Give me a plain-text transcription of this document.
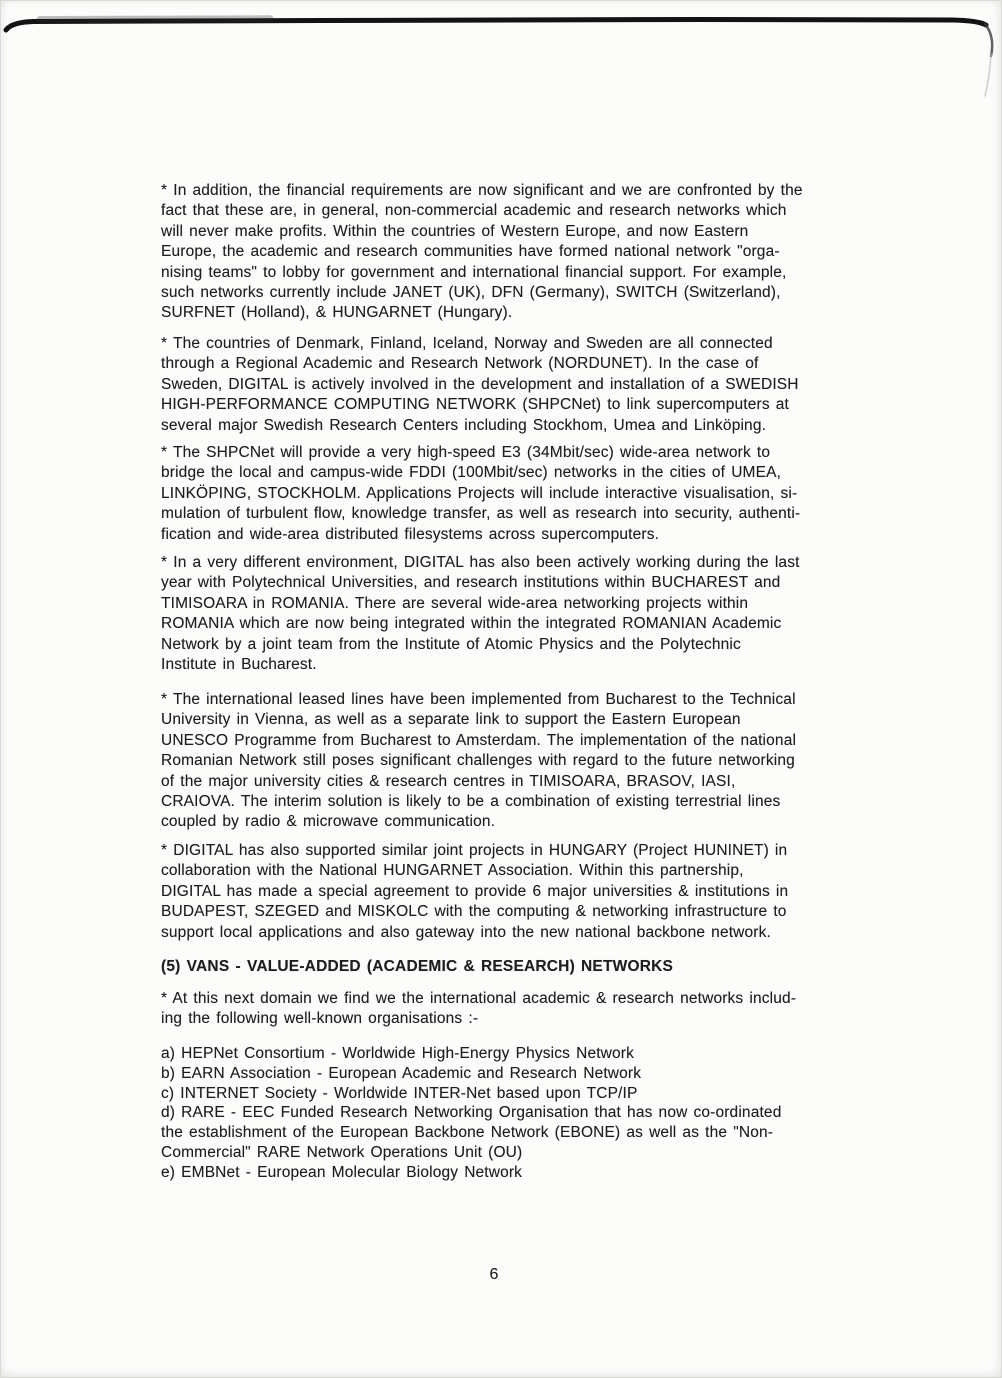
* In addition, the financial requirements are now significant and we are confronted by the
fact that these are, in general, non-commercial academic and research networks which
will never make profits. Within the countries of Western Europe, and now Eastern
Europe, the academic and research communities have formed national network "orga-
nising teams" to lobby for government and international financial support. For example,
such networks currently include JANET (UK), DFN (Germany), SWITCH (Switzerland),
SURFNET (Holland), & HUNGARNET (Hungary).
* The countries of Denmark, Finland, Iceland, Norway and Sweden are all connected
through a Regional Academic and Research Network (NORDUNET). In the case of
Sweden, DIGITAL is actively involved in the development and installation of a SWEDISH
HIGH-PERFORMANCE COMPUTING NETWORK (SHPCNet) to link supercomputers at
several major Swedish Research Centers including Stockhom, Umea and Linköping.
* The SHPCNet will provide a very high-speed E3 (34Mbit/sec) wide-area network to
bridge the local and campus-wide FDDI (100Mbit/sec) networks in the cities of UMEA,
LINKÖPING, STOCKHOLM. Applications Projects will include interactive visualisation, si-
mulation of turbulent flow, knowledge transfer, as well as research into security, authenti-
fication and wide-area distributed filesystems across supercomputers.
* In a very different environment, DIGITAL has also been actively working during the last
year with Polytechnical Universities, and research institutions within BUCHAREST and
TIMISOARA in ROMANIA. There are several wide-area networking projects within
ROMANIA which are now being integrated within the integrated ROMANIAN Academic
Network by a joint team from the Institute of Atomic Physics and the Polytechnic
Institute in Bucharest.
* The international leased lines have been implemented from Bucharest to the Technical
University in Vienna, as well as a separate link to support the Eastern European
UNESCO Programme from Bucharest to Amsterdam. The implementation of the national
Romanian Network still poses significant challenges with regard to the future networking
of the major university cities & research centres in TIMISOARA, BRASOV, IASI,
CRAIOVA. The interim solution is likely to be a combination of existing terrestrial lines
coupled by radio & microwave communication.
* DIGITAL has also supported similar joint projects in HUNGARY (Project HUNINET) in
collaboration with the National HUNGARNET Association. Within this partnership,
DIGITAL has made a special agreement to provide 6 major universities & institutions in
BUDAPEST, SZEGED and MISKOLC with the computing & networking infrastructure to
support local applications and also gateway into the new national backbone network.
(5) VANS - VALUE-ADDED (ACADEMIC & RESEARCH) NETWORKS
* At this next domain we find we the international academic & research networks includ-
ing the following well-known organisations :-
a) HEPNet Consortium - Worldwide High-Energy Physics Network
b) EARN Association - European Academic and Research Network
c) INTERNET Society - Worldwide INTER-Net based upon TCP/IP
d) RARE - EEC Funded Research Networking Organisation that has now co-ordinated
the establishment of the European Backbone Network (EBONE) as well as the "Non-
Commercial" RARE Network Operations Unit (OU)
e) EMBNet - European Molecular Biology Network
6
